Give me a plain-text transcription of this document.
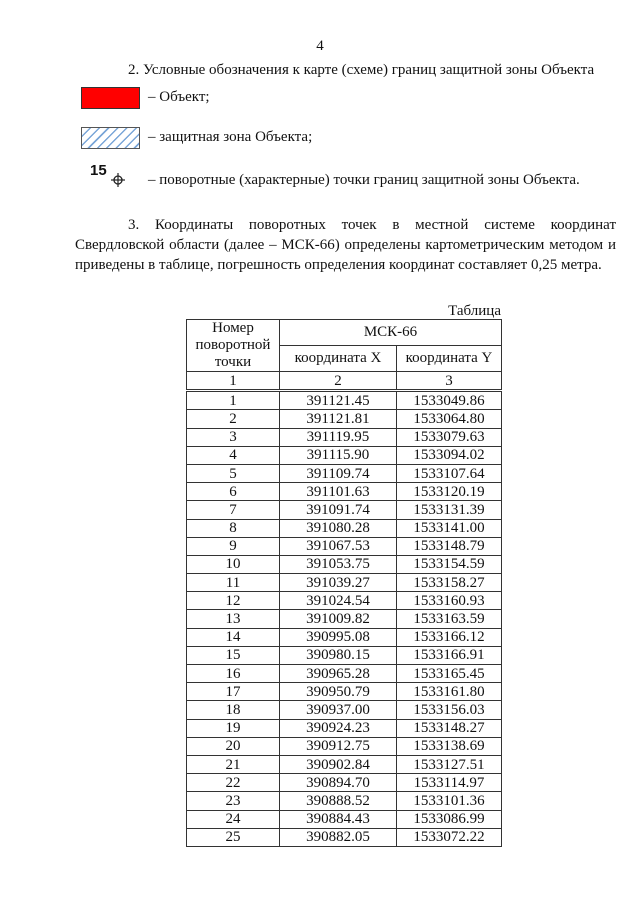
4
2. Условные обозначения к карте (схеме) границ защитной зоны Объекта
– Объект;
– защитная зона Объекта;
15
– поворотные (характерные) точки границ защитной зоны Объекта.
3. Координаты поворотных точек в местной системе координат Свердловской области (далее – МСК-66) определены картометрическим методом и приведены в таблице, погрешность определения координат составляет 0,25 метра.
Таблица
Номер поворотной точки	МСК-66	
	координата X	координата Y
1	2	3
1	391121.45	1533049.86
2	391121.81	1533064.80
3	391119.95	1533079.63
4	391115.90	1533094.02
5	391109.74	1533107.64
6	391101.63	1533120.19
7	391091.74	1533131.39
8	391080.28	1533141.00
9	391067.53	1533148.79
10	391053.75	1533154.59
11	391039.27	1533158.27
12	391024.54	1533160.93
13	391009.82	1533163.59
14	390995.08	1533166.12
15	390980.15	1533166.91
16	390965.28	1533165.45
17	390950.79	1533161.80
18	390937.00	1533156.03
19	390924.23	1533148.27
20	390912.75	1533138.69
21	390902.84	1533127.51
22	390894.70	1533114.97
23	390888.52	1533101.36
24	390884.43	1533086.99
25	390882.05	1533072.22
